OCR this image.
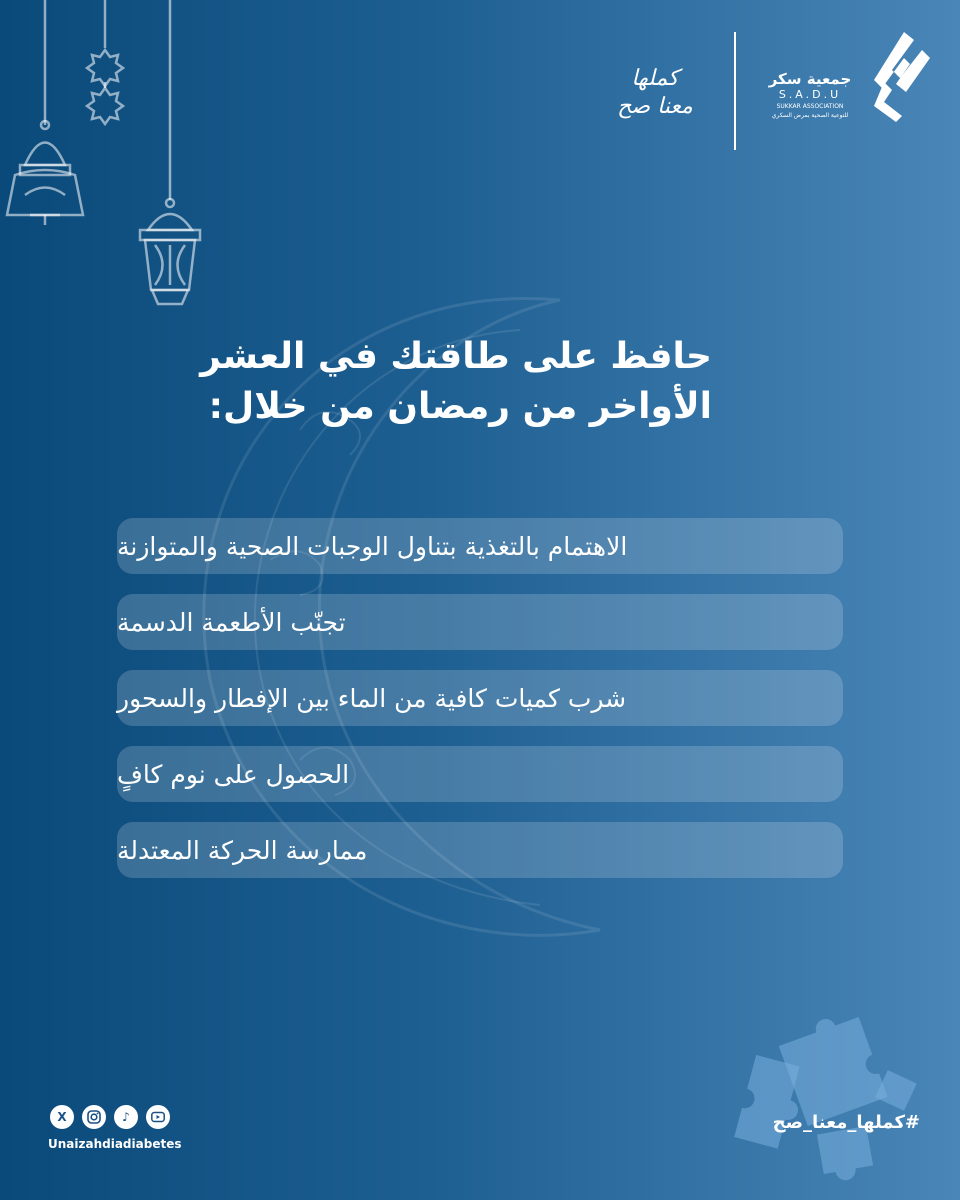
جمعية سكر
S.A.D.U
SUKKAR ASSOCIATION
للتوعية الصحية بمرض السكري
كملها
معنا صح
حافظ على طاقتك في العشر
الأواخر من رمضان من خلال:
الاهتمام بالتغذية بتناول الوجبات الصحية والمتوازنة
تجنّب الأطعمة الدسمة
شرب كميات كافية من الماء بين الإفطار والسحور
الحصول على نوم كافٍ
ممارسة الحركة المعتدلة
X	♪
Unaizahdiadiabetes
#كملها_معنا_صح
